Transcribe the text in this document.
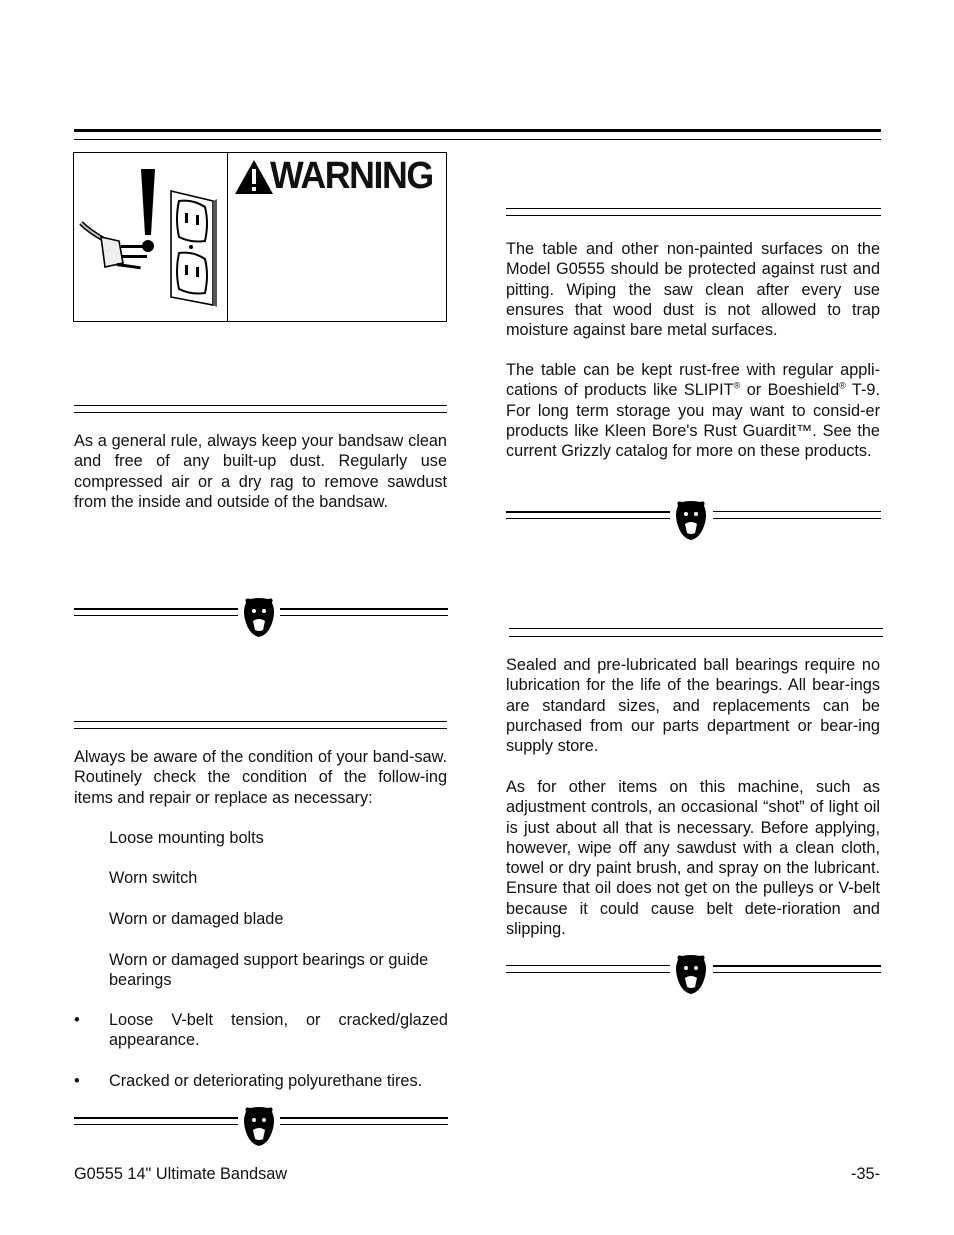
WARNING

As a general rule, always keep your bandsaw clean and free of any built-up dust. Regularly use compressed air or a dry rag to remove sawdust from the inside and outside of the bandsaw.

Always be aware of the condition of your band-saw. Routinely check the condition of the follow-ing items and repair or replace as necessary:

Loose mounting bolts
Worn switch
Worn or damaged blade
Worn or damaged support bearings or guide bearings
• Loose V-belt tension, or cracked/glazed appearance.
• Cracked or deteriorating polyurethane tires.

The table and other non-painted surfaces on the Model G0555 should be protected against rust and pitting. Wiping the saw clean after every use ensures that wood dust is not allowed to trap moisture against bare metal surfaces.

The table can be kept rust-free with regular appli-cations of products like SLIPIT® or Boeshield® T-9. For long term storage you may want to consid-er products like Kleen Bore's Rust Guardit™. See the current Grizzly catalog for more on these products.

Sealed and pre-lubricated ball bearings require no lubrication for the life of the bearings. All bear-ings are standard sizes, and replacements can be purchased from our parts department or bear-ing supply store.

As for other items on this machine, such as adjustment controls, an occasional “shot” of light oil is just about all that is necessary. Before applying, however, wipe off any sawdust with a clean cloth, towel or dry paint brush, and spray on the lubricant. Ensure that oil does not get on the pulleys or V-belt because it could cause belt dete-rioration and slipping.

G0555 14" Ultimate Bandsaw	-35-
